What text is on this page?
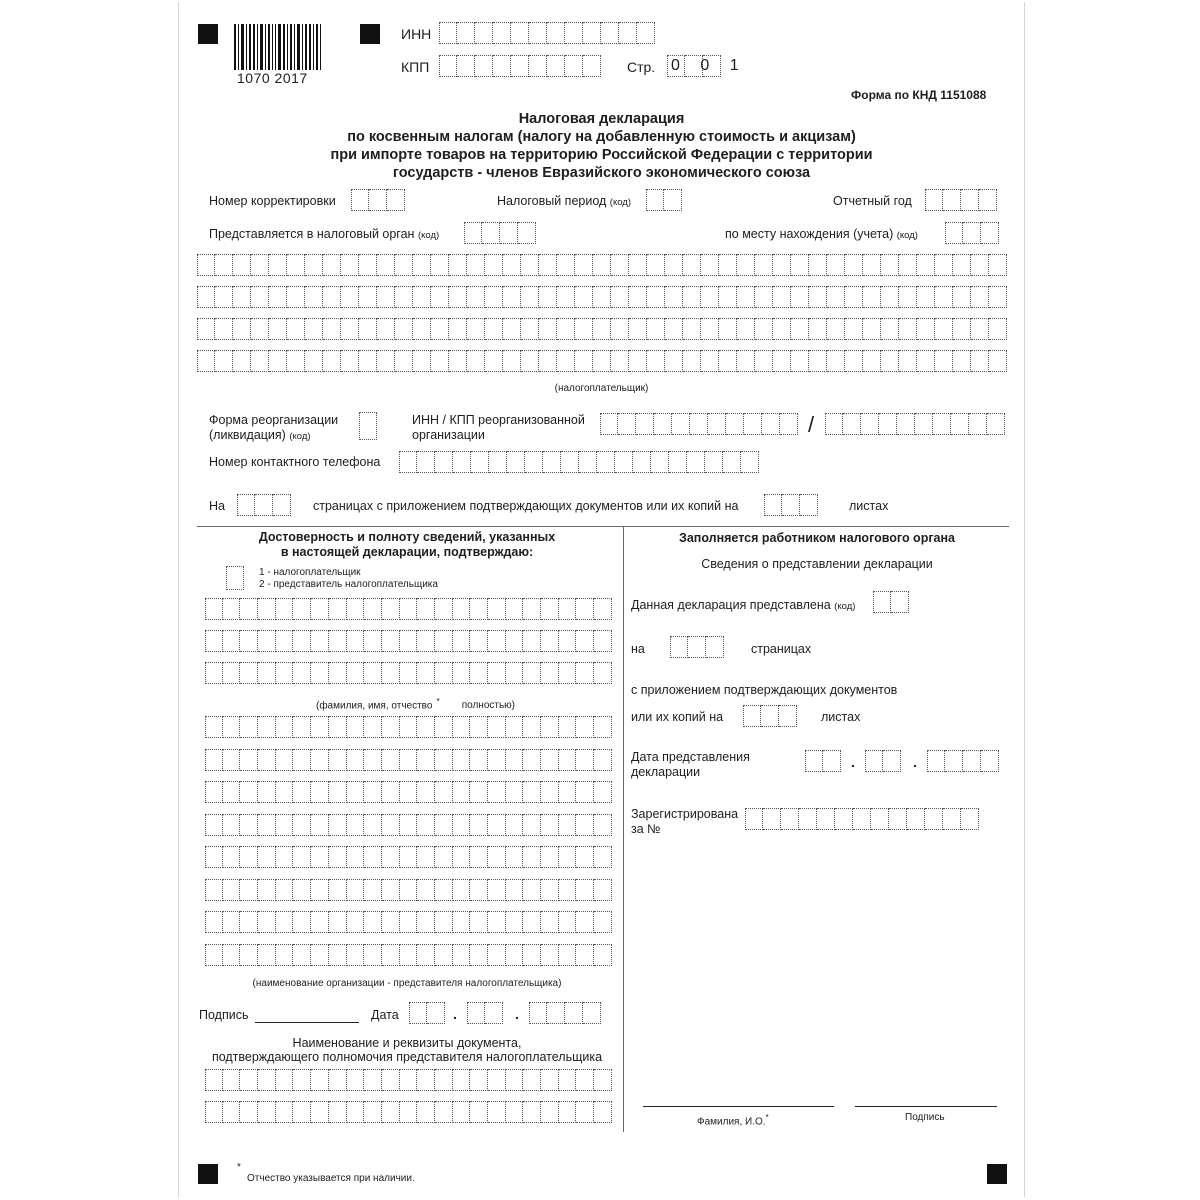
1070 2017
ИНН
КПП	Стр. 0 0 1
Форма по КНД 1151088
Налоговая декларация
по косвенным налогам (налогу на добавленную стоимость и акцизам)
при импорте товаров на территорию Российской Федерации с территории
государств - членов Евразийского экономического союза
Номер корректировки	Налоговый период (код)	Отчетный год
Представляется в налоговый орган (код)	по месту нахождения (учета) (код)
(налогоплательщик)
Форма реорганизации
(ликвидация) (код)
ИНН / КПП реорганизованной
организации	/
Номер контактного телефона
На	страницах с приложением подтверждающих документов или их копий на	листах
Достоверность и полноту сведений, указанных
в настоящей декларации, подтверждаю:
1 - налогоплательщик
2 - представитель налогоплательщика
(фамилия, имя, отчество * полностью)
(наименование организации - представителя налогоплательщика)
Подпись	Дата	.	.
Наименование и реквизиты документа,
подтверждающего полномочия представителя налогоплательщика
Заполняется работником налогового органа
Сведения о представлении декларации
Данная декларация представлена (код)
на	страницах
с приложением подтверждающих документов
или их копий на	листах
Дата представления
декларации
.	.
Зарегистрирована
за №
Фамилия, И.О.*	Подпись
*
Отчество указывается при наличии.
